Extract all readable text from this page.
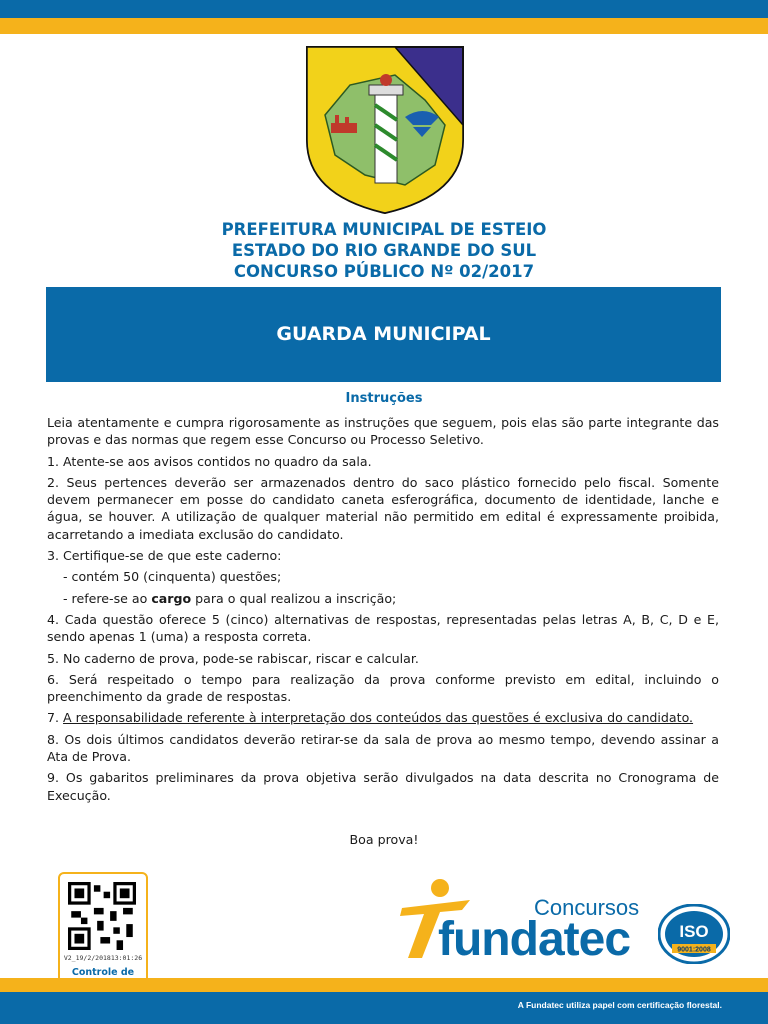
PREFEITURA MUNICIPAL DE ESTEIO
ESTADO DO RIO GRANDE DO SUL
CONCURSO PÚBLICO Nº 02/2017
GUARDA MUNICIPAL
Instruções

Leia atentamente e cumpra rigorosamente as instruções que seguem, pois elas são parte integrante das provas e das normas que regem esse Concurso ou Processo Seletivo.

1. Atente-se aos avisos contidos no quadro da sala.

2. Seus pertences deverão ser armazenados dentro do saco plástico fornecido pelo fiscal. Somente devem permanecer em posse do candidato caneta esferográfica, documento de identidade, lanche e água, se houver. A utilização de qualquer material não permitido em edital é expressamente proibida, acarretando a imediata exclusão do candidato.

3. Certifique-se de que este caderno:

- contém 50 (cinquenta) questões;

- refere-se ao cargo para o qual realizou a inscrição;

4. Cada questão oferece 5 (cinco) alternativas de respostas, representadas pelas letras A, B, C, D e E, sendo apenas 1 (uma) a resposta correta.

5. No caderno de prova, pode-se rabiscar, riscar e calcular.

6. Será respeitado o tempo para realização da prova conforme previsto em edital, incluindo o preenchimento da grade de respostas.

7. A responsabilidade referente à interpretação dos conteúdos das questões é exclusiva do candidato.

8. Os dois últimos candidatos deverão retirar-se da sala de prova ao mesmo tempo, devendo assinar a Ata de Prova.

9. Os gabaritos preliminares da prova objetiva serão divulgados na data descrita no Cronograma de Execução.

Boa prova!
V2_19/2/201813:01:26
Controle de
Concursos
fundatec	ISO
9001:2008
A Fundatec utiliza papel com certificação florestal.
